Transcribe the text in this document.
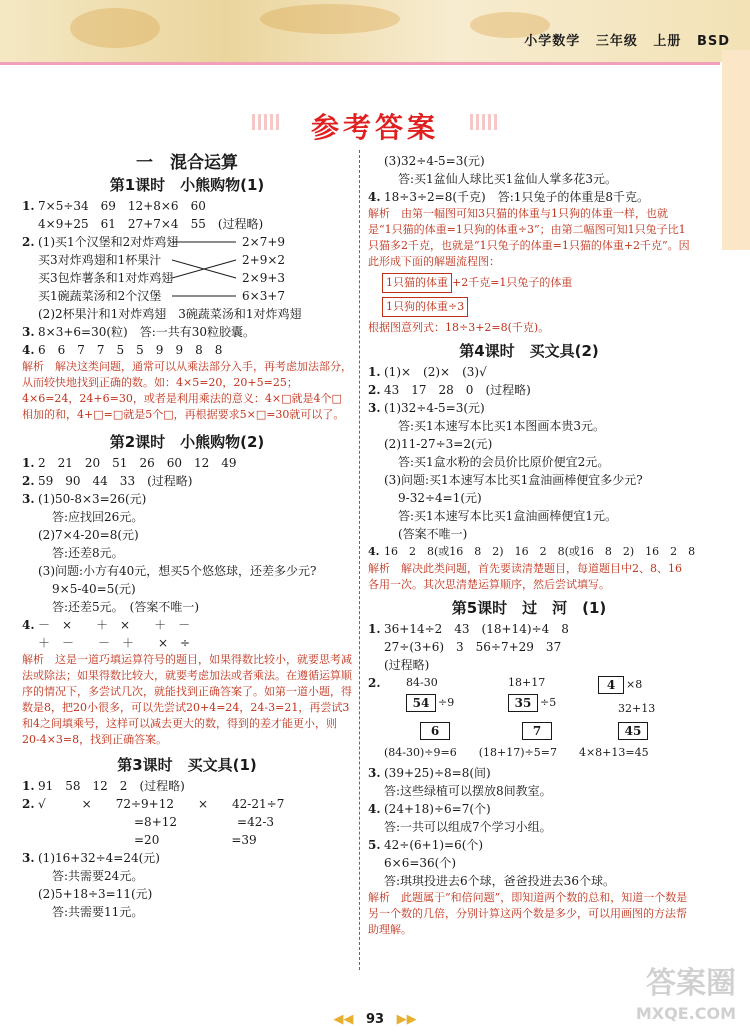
小学数学 三年级 上册 BSD
参考答案
一　混合运算
第1课时　小熊购物(1)
1. 7×5÷34　69　12+8×6　60
4×9+25　61　27+7×4　55　(过程略)
2. (1)买1个汉堡和2对炸鸡翅
买3对炸鸡翅和1杯果汁
买3包炸薯条和1对炸鸡翅
买1碗蔬菜汤和2个汉堡
2×7+9
2+9×2
2×9+3
6×3+7
(2)2杯果汁和1对炸鸡翅　3碗蔬菜汤和1对炸鸡翅
3. 8×3+6=30(粒)　答:一共有30粒胶囊。
4. 6　6　7　7　5　5　9　9　8　8
解析　解决这类问题，通常可以从乘法部分入手，再考虑加法部分，从而较快地找到正确的数。如：4×5=20，20+5=25；4×6=24，24+6=30，或者是利用乘法的意义：4×□就是4个□相加的和，4+□=□就是5个□，再根据要求5×□=30就可以了。
第2课时　小熊购物(2)
1. 2　21　20　51　26　60　12　49
2. 59　90　44　33　(过程略)
3. (1)50-8×3=26(元)
答:应找回26元。
(2)7×4-20=8(元)
答:还差8元。
(3)问题:小方有40元，想买5个悠悠球，还差多少元?
9×5-40=5(元)
答:还差5元。　(答案不唯一)
4. －　×　　＋　×　　＋　－
＋　－　　－　＋　　×　÷
解析　这是一道巧填运算符号的题目，如果得数比较小，就要思考减法或除法；如果得数比较大，就要考虑加法或者乘法。在遵循运算顺序的情况下，多尝试几次，就能找到正确答案了。如第一道小题，得数是8，把20小很多，可以先尝试20+4=24，24-3=21，再尝试3和4之间填乘号，这样可以减去更大的数，得到的差才能更小，则20-4×3=8，找到正确答案。
第3课时　买文具(1)
1. 91　58　12　2　(过程略)
2. √　　　×　　72÷9+12　　×　　42-21÷7
=8+12　　　　　=42-3
=20　　　　　　=39
3. (1)16+32÷4=24(元)
答:共需要24元。
(2)5+18÷3=11(元)
答:共需要11元。
(3)32÷4-5=3(元)
答:买1盆仙人球比买1盆仙人掌多花3元。
4. 18÷3÷2=8(千克)　答:1只兔子的体重是8千克。
解析　由第一幅图可知3只猫的体重与1只狗的体重一样，也就是“1只猫的体重=1只狗的体重÷3”；由第二幅图可知1只兔子比1只猫多2千克，也就是“1只兔子的体重=1只猫的体重+2千克”。因此形成下面的解题流程图：
1只猫的体重 +2千克=1只兔子的体重
1只狗的体重÷3
根据图意列式：18÷3+2=8(千克)。
第4课时　买文具(2)
1. (1)×　(2)×　(3)√
2. 43　17　28　0　(过程略)
3. (1)32÷4-5=3(元)
答:买1本速写本比买1本图画本贵3元。
(2)11-27÷3=2(元)
答:买1盒水粉的会员价比原价便宜2元。
(3)问题:买1本速写本比买1盒油画棒便宜多少元?
9-32÷4=1(元)
答:买1本速写本比买1盒油画棒便宜1元。
(答案不唯一)
4. 16　2　8(或16　8　2)　16　2　8(或16　8　2)　16　2　8
解析　解决此类问题，首先要读清楚题目，每道题目中2、8、16各用一次。其次思清楚运算顺序，然后尝试填写。
第5课时　过　河　(1)
1. 36+14÷2　43　(18+14)÷4　8
27÷(3+6)　3　56÷7+29　37
(过程略)
2.	84-30
54 ÷9
6
18+17
35 ÷5
7
4 ×8
32+13
45
(84-30)÷9=6　　(18+17)÷5=7　　4×8+13=45
3. (39+25)÷8=8(间)
答:这些绿植可以摆放8间教室。
4. (24+18)÷6=7(个)
答:一共可以组成7个学习小组。
5. 42÷(6+1)=6(个)
6×6=36(个)
答:琪琪投进去6个球，爸爸投进去36个球。
解析　此题属于“和倍问题”，即知道两个数的总和，知道一个数是另一个数的几倍，分别计算这两个数是多少，可以用画图的方法帮助理解。
◀◀ 93 ▶▶
答案圈
MXQE.COM
